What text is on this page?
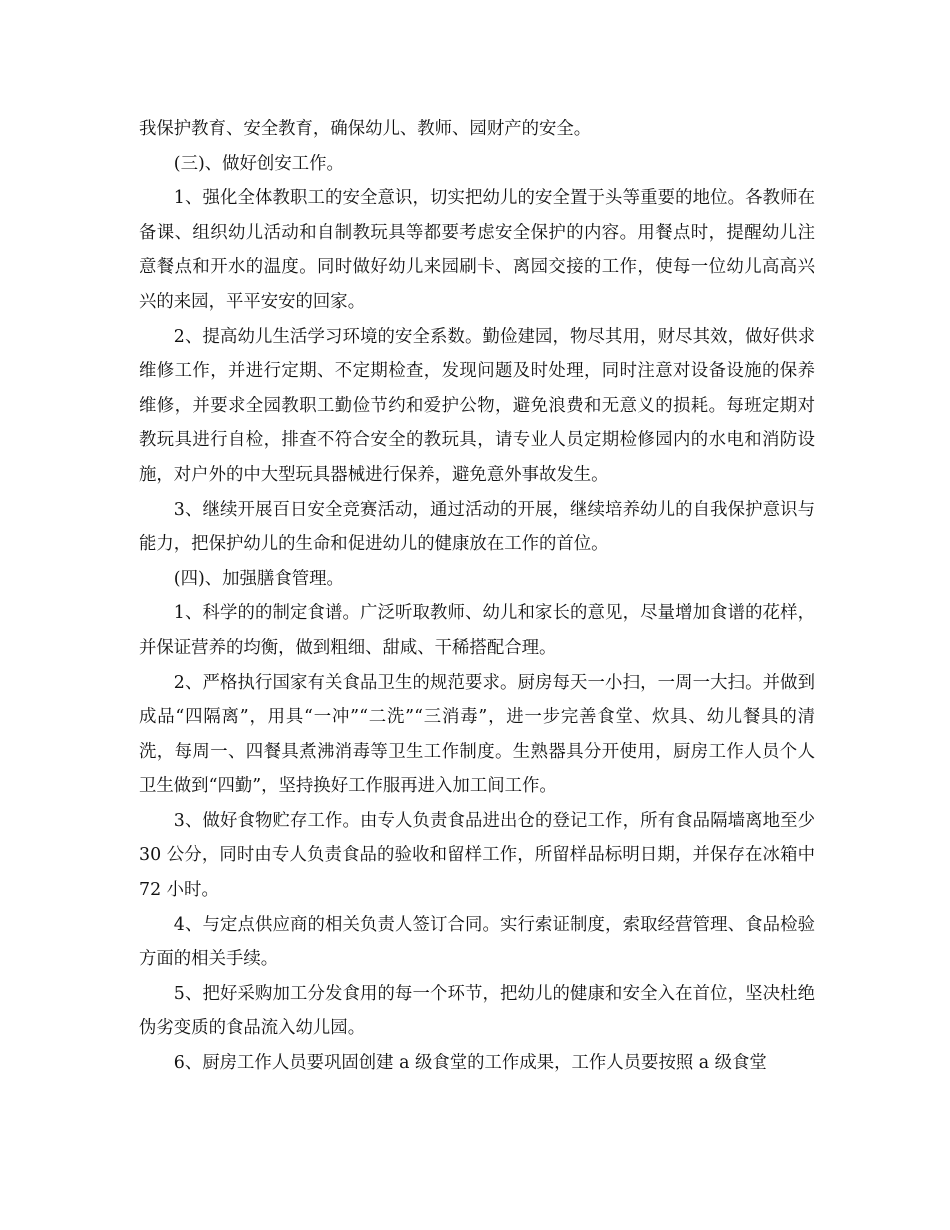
我保护教育、安全教育，确保幼儿、教师、园财产的安全。

(三)、做好创安工作。

1、强化全体教职工的安全意识，切实把幼儿的安全置于头等重要的地位。各教师在备课、组织幼儿活动和自制教玩具等都要考虑安全保护的内容。用餐点时，提醒幼儿注意餐点和开水的温度。同时做好幼儿来园刷卡、离园交接的工作，使每一位幼儿高高兴兴的来园，平平安安的回家。

2、提高幼儿生活学习环境的安全系数。勤俭建园，物尽其用，财尽其效，做好供求维修工作，并进行定期、不定期检查，发现问题及时处理，同时注意对设备设施的保养维修，并要求全园教职工勤俭节约和爱护公物，避免浪费和无意义的损耗。每班定期对教玩具进行自检，排查不符合安全的教玩具，请专业人员定期检修园内的水电和消防设施，对户外的中大型玩具器械进行保养，避免意外事故发生。

3、继续开展百日安全竞赛活动，通过活动的开展，继续培养幼儿的自我保护意识与能力，把保护幼儿的生命和促进幼儿的健康放在工作的首位。

(四)、加强膳食管理。

1、科学的的制定食谱。广泛听取教师、幼儿和家长的意见，尽量增加食谱的花样，并保证营养的均衡，做到粗细、甜咸、干稀搭配合理。

2、严格执行国家有关食品卫生的规范要求。厨房每天一小扫，一周一大扫。并做到成品“四隔离”，用具“一冲”“二洗”“三消毒”，进一步完善食堂、炊具、幼儿餐具的清洗，每周一、四餐具煮沸消毒等卫生工作制度。生熟器具分开使用，厨房工作人员个人卫生做到“四勤”，坚持换好工作服再进入加工间工作。

3、做好食物贮存工作。由专人负责食品进出仓的登记工作，所有食品隔墙离地至少 30 公分，同时由专人负责食品的验收和留样工作，所留样品标明日期，并保存在冰箱中 72 小时。

4、与定点供应商的相关负责人签订合同。实行索证制度，索取经营管理、食品检验方面的相关手续。

5、把好采购加工分发食用的每一个环节，把幼儿的健康和安全入在首位，坚决杜绝伪劣变质的食品流入幼儿园。

6、厨房工作人员要巩固创建 a 级食堂的工作成果，工作人员要按照 a 级食堂
